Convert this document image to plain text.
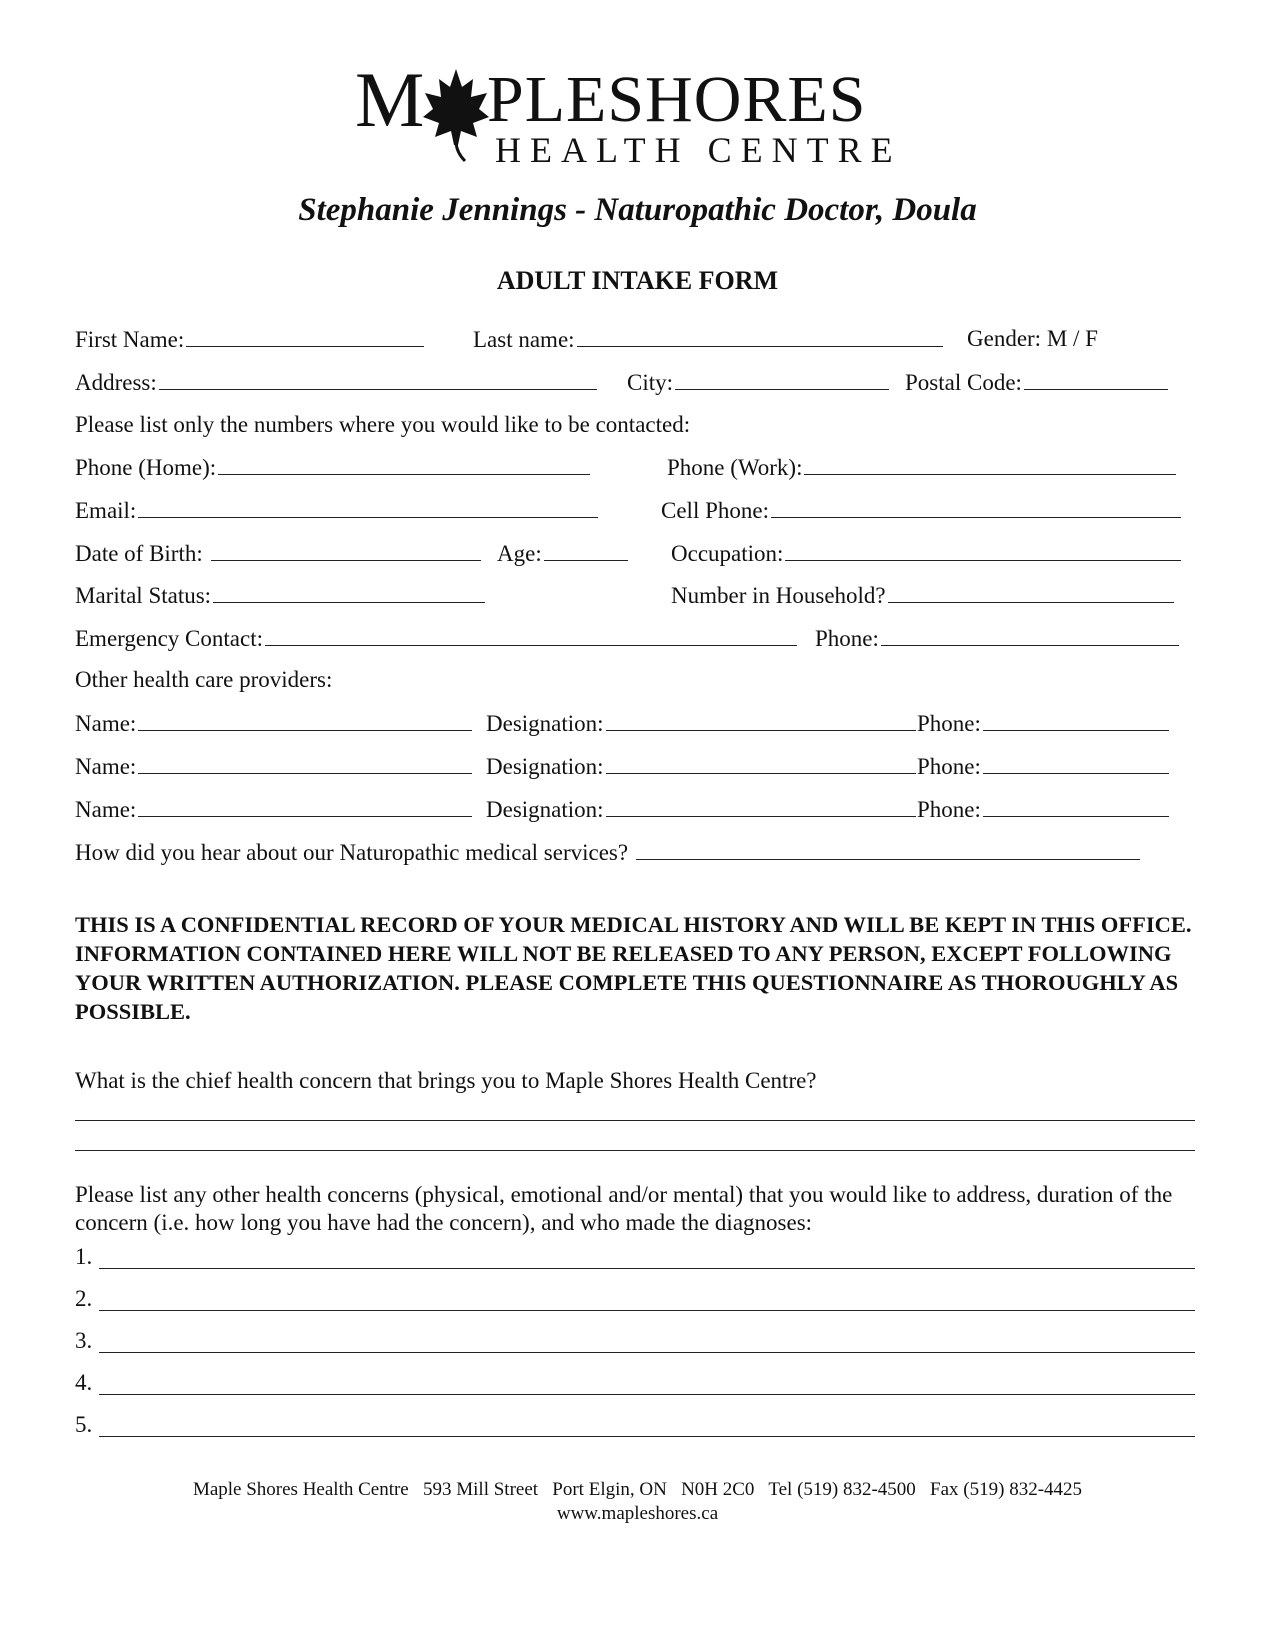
M PLESHORES
HEALTH CENTRE
Stephanie Jennings - Naturopathic Doctor, Doula
ADULT INTAKE FORM
First Name:	Last name:	Gender: M / F
Address:	City:	Postal Code:
Please list only the numbers where you would like to be contacted:
Phone (Home):	Phone (Work):
Email:	Cell Phone:
Date of Birth:	Age:	Occupation:
Marital Status:	Number in Household?
Emergency Contact:	Phone:
Other health care providers:
Name:	Designation:	Phone:
Name:	Designation:	Phone:
Name:	Designation:	Phone:
How did you hear about our Naturopathic medical services?
THIS IS A CONFIDENTIAL RECORD OF YOUR MEDICAL HISTORY AND WILL BE KEPT IN THIS OFFICE. INFORMATION CONTAINED HERE WILL NOT BE RELEASED TO ANY PERSON, EXCEPT FOLLOWING YOUR WRITTEN AUTHORIZATION. PLEASE COMPLETE THIS QUESTIONNAIRE AS THOROUGHLY AS POSSIBLE.
What is the chief health concern that brings you to Maple Shores Health Centre?
Please list any other health concerns (physical, emotional and/or mental) that you would like to address, duration of the concern (i.e. how long you have had the concern), and who made the diagnoses:
1.
2.
3.
4.
5.
Maple Shores Health Centre   593 Mill Street   Port Elgin, ON   N0H 2C0   Tel (519) 832-4500   Fax (519) 832-4425
www.mapleshores.ca
